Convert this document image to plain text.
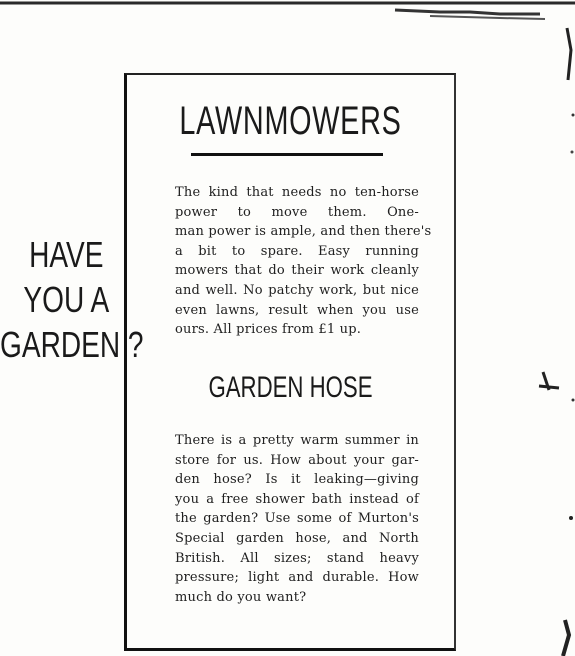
HAVE
YOU A
GARDEN ?
LAWNMOWERS
The kind that needs no ten-horse
power to move them. One-
man power is ample, and then there's
a bit to spare. Easy running
mowers that do their work cleanly
and well. No patchy work, but nice
even lawns, result when you use
ours. All prices from £1 up.
GARDEN HOSE
There is a pretty warm summer in
store for us. How about your gar-
den hose? Is it leaking—giving
you a free shower bath instead of
the garden? Use some of Murton's
Special garden hose, and North
British. All sizes; stand heavy
pressure; light and durable. How
much do you want?
